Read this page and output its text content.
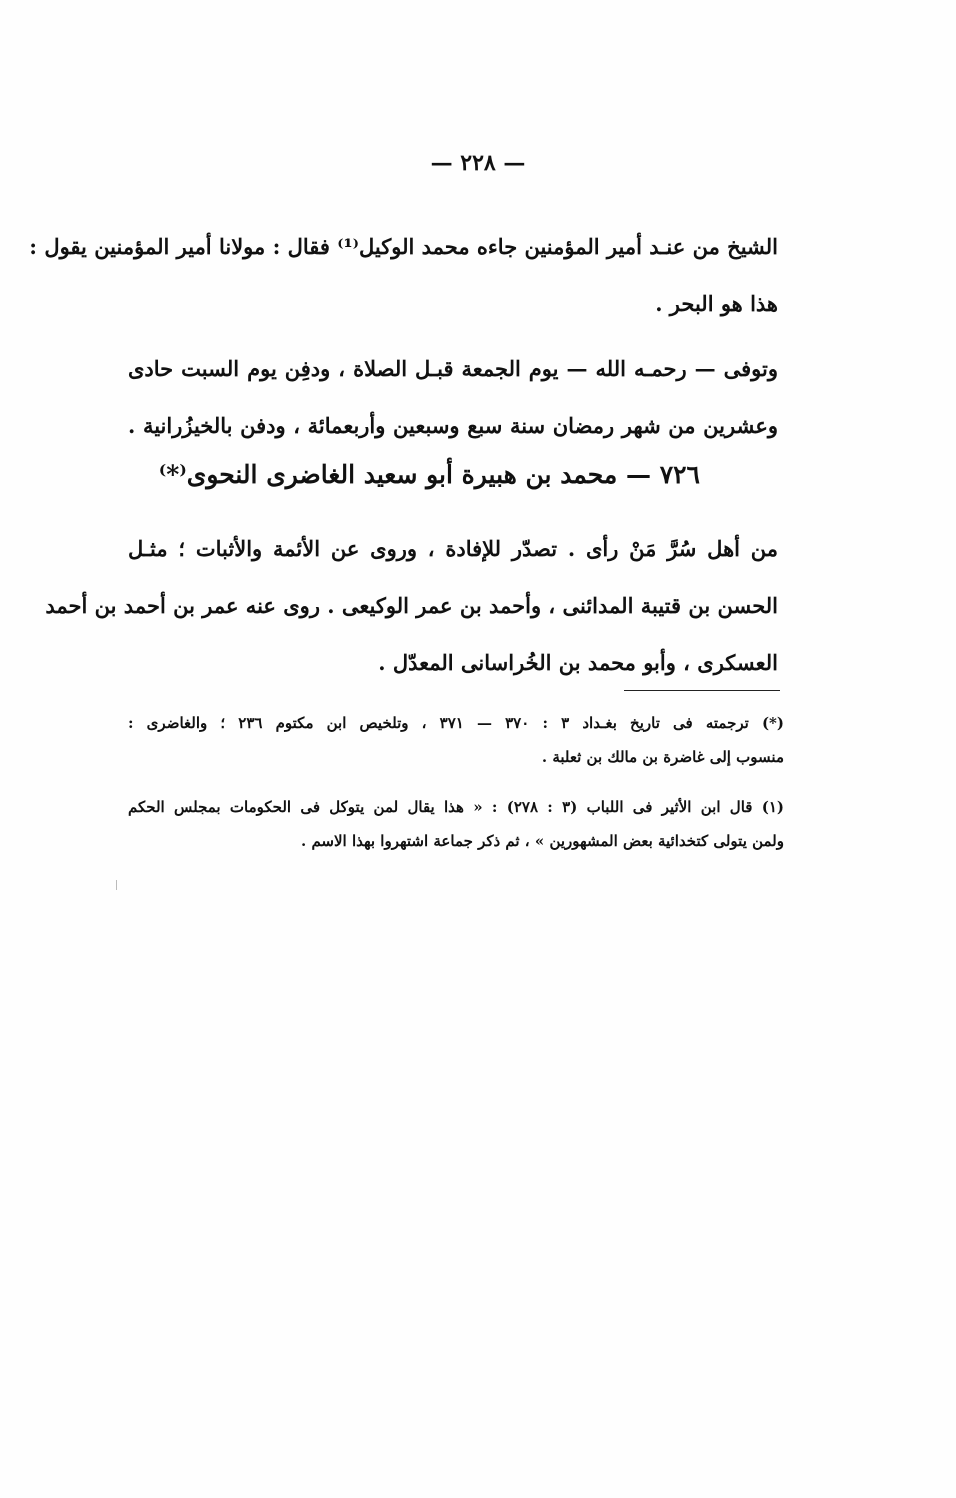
— ٢٢٨ —
الشيخ من عنـد أمير المؤمنين جاءه محمد الوكيل⁽¹⁾ فقال : مولانا أمير المؤمنين يقول :
هذا هو البحر .
وتوفى — رحمـه الله — يوم الجمعة قبـل الصلاة ، ودفِن يوم السبت حادى
وعشرين من شهر رمضان سنة سبع وسبعين وأربعمائة ، ودفن بالخيزُرانية .
٧٢٦ — محمد بن هبيرة أبو سعيد الغاضرى النحوى⁽*⁾
من أهل سُرَّ مَنْ رأى . تصدّر للإفادة ، وروى عن الأئمة والأثبات ؛ مثـل
الحسن بن قتيبة المدائنى ، وأحمد بن عمر الوكيعى . روى عنه عمر بن أحمد بن أحمد
العسكرى ، وأبو محمد بن الخُراسانى المعدّل .
(*) ترجمته فى تاريخ بغـداد ٣ : ٣٧٠ — ٣٧١ ، وتلخيص ابن مكتوم ٢٣٦ ؛ والغاضرى :
منسوب إلى غاضرة بن مالك بن ثعلبة .
(١) قال ابن الأثير فى اللباب (٣ : ٢٧٨) : « هذا يقال لمن يتوكل فى الحكومات بمجلس الحكم
ولمن يتولى كتخدائية بعض المشهورين » ، ثم ذكر جماعة اشتهروا بهذا الاسم .
